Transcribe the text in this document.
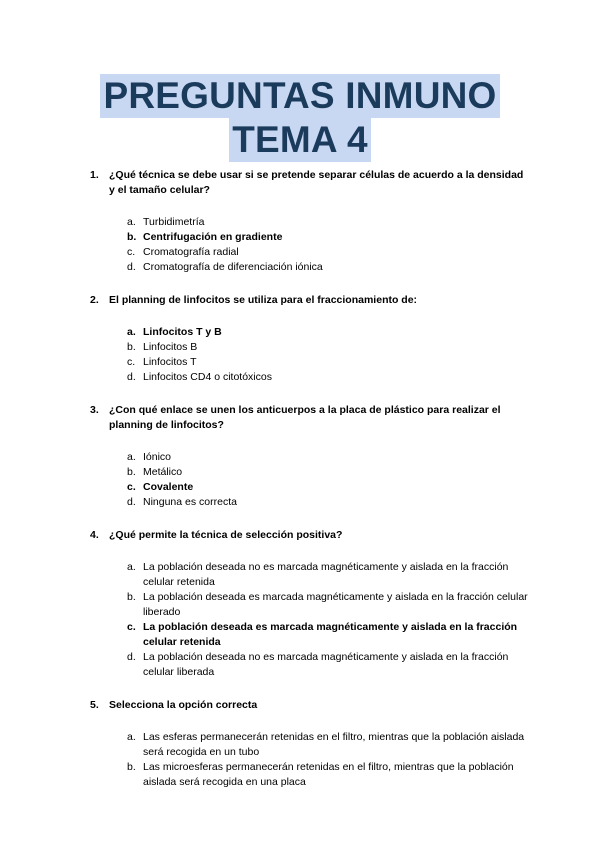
PREGUNTAS INMUNO
TEMA 4
1. ¿Qué técnica se debe usar si se pretende separar células de acuerdo a la densidad y el tamaño celular?
a. Turbidimetría
b. Centrifugación en gradiente
c. Cromatografía radial
d. Cromatografía de diferenciación iónica
2. El planning de linfocitos se utiliza para el fraccionamiento de:
a. Linfocitos T y B
b. Linfocitos B
c. Linfocitos T
d. Linfocitos CD4 o citotóxicos
3. ¿Con qué enlace se unen los anticuerpos a la placa de plástico para realizar el planning de linfocitos?
a. Iónico
b. Metálico
c. Covalente
d. Ninguna es correcta
4. ¿Qué permite la técnica de selección positiva?
a. La población deseada no es marcada magnéticamente y aislada en la fracción celular retenida
b. La población deseada es marcada magnéticamente y aislada en la fracción celular liberado
c. La población deseada es marcada magnéticamente y aislada en la fracción celular retenida
d. La población deseada no es marcada magnéticamente y aislada en la fracción celular liberada
5. Selecciona la opción correcta
a. Las esferas permanecerán retenidas en el filtro, mientras que la población aislada será recogida en un tubo
b. Las microesferas permanecerán retenidas en el filtro, mientras que la población aislada será recogida en una placa
